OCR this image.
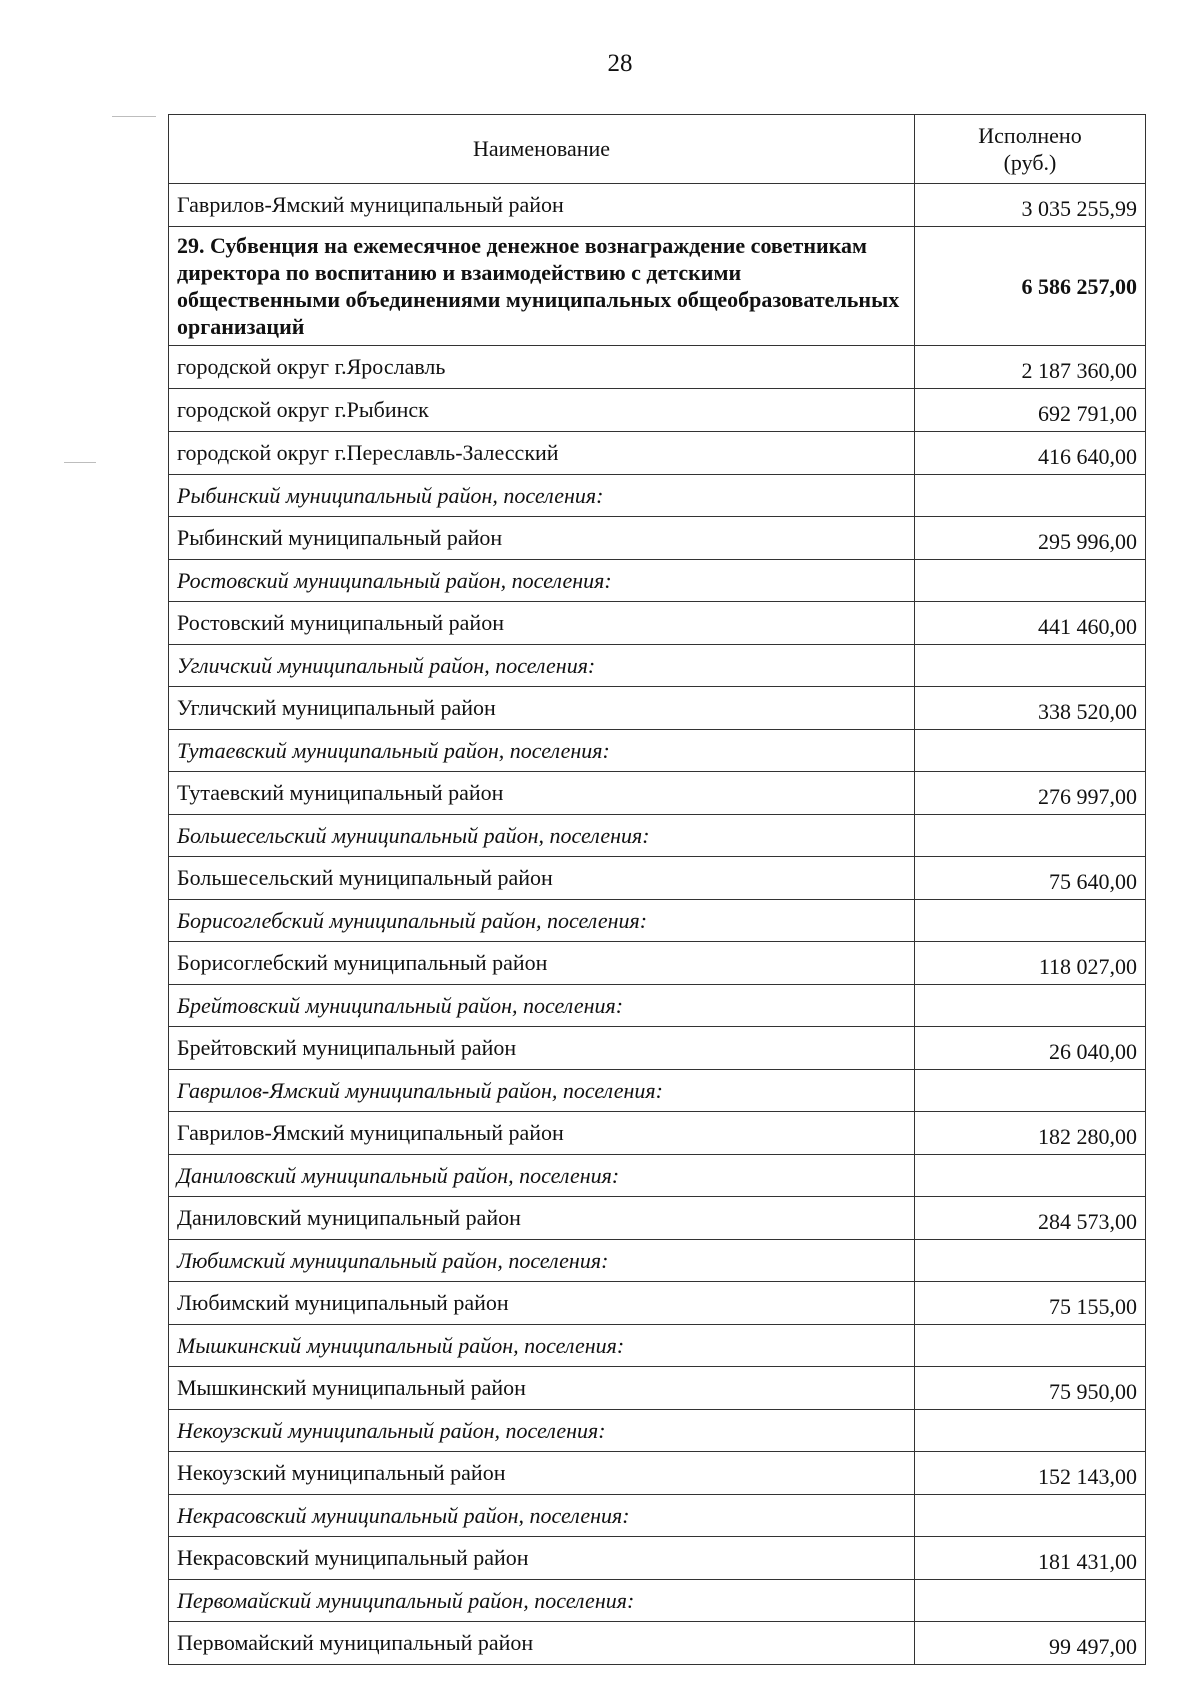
28
Наименование	Исполнено
(руб.)

Гаврилов-Ямский муниципальный район	3 035 255,99
29. Субвенция на ежемесячное денежное вознаграждение советникам директора по воспитанию и взаимодействию с детскими общественными объединениями муниципальных общеобразовательных организаций	6 586 257,00
городской округ г.Ярославль	2 187 360,00
городской округ г.Рыбинск	692 791,00
городской округ г.Переславль-Залесский	416 640,00
Рыбинский муниципальный район, поселения:	
Рыбинский муниципальный район	295 996,00
Ростовский муниципальный район, поселения:	
Ростовский муниципальный район	441 460,00
Угличский муниципальный район, поселения:	
Угличский муниципальный район	338 520,00
Тутаевский муниципальный район, поселения:	
Тутаевский муниципальный район	276 997,00
Большесельский муниципальный район, поселения:	
Большесельский муниципальный район	75 640,00
Борисоглебский муниципальный район, поселения:	
Борисоглебский муниципальный район	118 027,00
Брейтовский муниципальный район, поселения:	
Брейтовский муниципальный район	26 040,00
Гаврилов-Ямский муниципальный район, поселения:	
Гаврилов-Ямский муниципальный район	182 280,00
Даниловский муниципальный район, поселения:	
Даниловский муниципальный район	284 573,00
Любимский муниципальный район, поселения:	
Любимский муниципальный район	75 155,00
Мышкинский муниципальный район, поселения:	
Мышкинский муниципальный район	75 950,00
Некоузский муниципальный район, поселения:	
Некоузский муниципальный район	152 143,00
Некрасовский муниципальный район, поселения:	
Некрасовский муниципальный район	181 431,00
Первомайский муниципальный район, поселения:	
Первомайский муниципальный район	99 497,00
